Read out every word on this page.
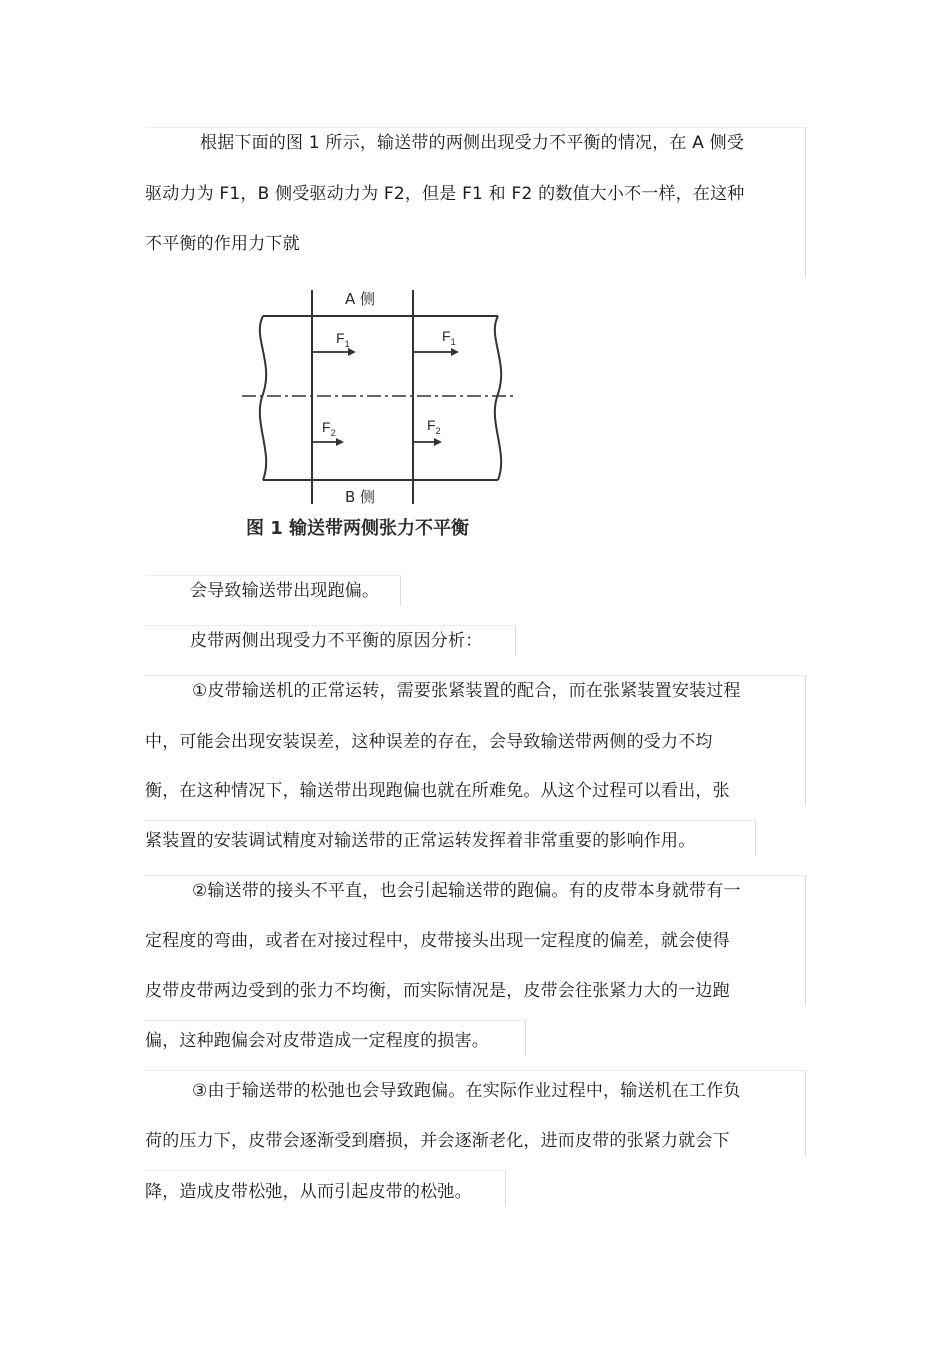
根据下面的图 1 所示，输送带的两侧出现受力不平衡的情况，在 A 侧受
驱动力为 F1，B 侧受驱动力为 F2，但是 F1 和 F2 的数值大小不一样，在这种
不平衡的作用力下就
A 侧
B 侧
$F_1$	$F_1$
$F_2$	$F_2$
图 1 输送带两侧张力不平衡
会导致输送带出现跑偏。
皮带两侧出现受力不平衡的原因分析：
①皮带输送机的正常运转，需要张紧装置的配合，而在张紧装置安装过程
中，可能会出现安装误差，这种误差的存在，会导致输送带两侧的受力不均
衡，在这种情况下，输送带出现跑偏也就在所难免。从这个过程可以看出，张
紧装置的安装调试精度对输送带的正常运转发挥着非常重要的影响作用。
②输送带的接头不平直，也会引起输送带的跑偏。有的皮带本身就带有一
定程度的弯曲，或者在对接过程中，皮带接头出现一定程度的偏差，就会使得
皮带皮带两边受到的张力不均衡，而实际情况是，皮带会往张紧力大的一边跑
偏，这种跑偏会对皮带造成一定程度的损害。
③由于输送带的松弛也会导致跑偏。在实际作业过程中，输送机在工作负
荷的压力下，皮带会逐渐受到磨损，并会逐渐老化，进而皮带的张紧力就会下
降，造成皮带松弛，从而引起皮带的松弛。
